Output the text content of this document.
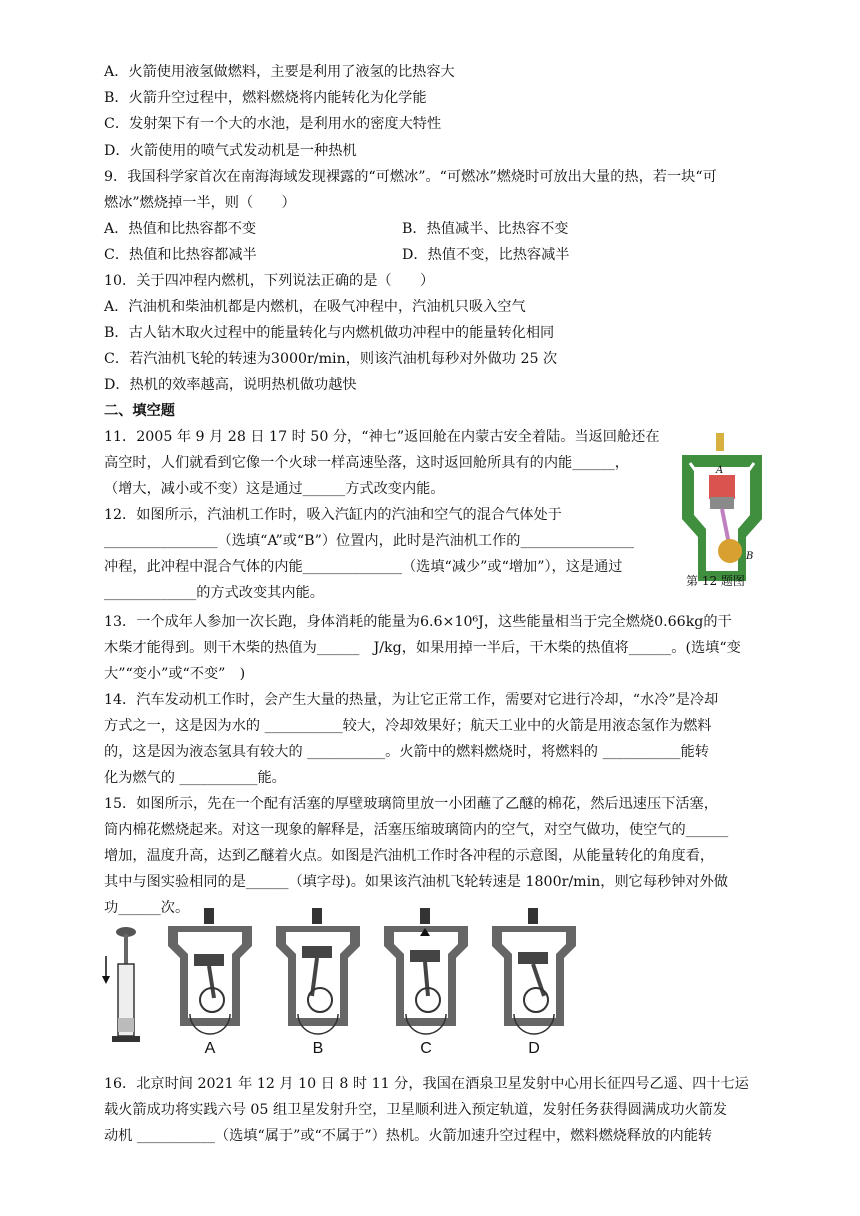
A．火箭使用液氢做燃料，主要是利用了液氢的比热容大
B．火箭升空过程中，燃料燃烧将内能转化为化学能
C．发射架下有一个大的水池，是利用水的密度大特性
D．火箭使用的喷气式发动机是一种热机
9．我国科学家首次在南海海域发现裸露的“可燃冰”。“可燃冰”燃烧时可放出大量的热，若一块“可
燃冰”燃烧掉一半，则（　　）
A．热值和比热容都不变	B．热值减半、比热容不变
C．热值和比热容都减半	D．热值不变，比热容减半
10．关于四冲程内燃机，下列说法正确的是（　　）
A．汽油机和柴油机都是内燃机，在吸气冲程中，汽油机只吸入空气
B．古人钻木取火过程中的能量转化与内燃机做功冲程中的能量转化相同
C．若汽油机飞轮的转速为3000r/min，则该汽油机每秒对外做功 25 次
D．热机的效率越高，说明热机做功越快
二、填空题
11．2005 年 9 月 28 日 17 时 50 分，“神七”返回舱在内蒙古安全着陆。当返回舱还在
高空时，人们就看到它像一个火球一样高速坠落，这时返回舱所具有的内能______，
（增大，减小或不变）这是通过______方式改变内能。
12．如图所示，汽油机工作时，吸入汽缸内的汽油和空气的混合气体处于
________________（选填“A”或“B”）位置内，此时是汽油机工作的________________
冲程，此冲程中混合气体的内能______________（选填“减少”或“增加”），这是通过
_____________的方式改变其内能。
A
B
第 12 题图
13．一个成年人参加一次长跑，身体消耗的能量为6.6×10⁶J，这些能量相当于完全燃烧0.66kg的干
木柴才能得到。则干木柴的热值为______　J/kg，如果用掉一半后，干木柴的热值将______。(选填“变
大”“变小”或“不变”　)
14．汽车发动机工作时，会产生大量的热量，为让它正常工作，需要对它进行冷却，“水冷”是冷却
方式之一，这是因为水的 ___________较大，冷却效果好；航天工业中的火箭是用液态氢作为燃料
的，这是因为液态氢具有较大的 ___________。火箭中的燃料燃烧时，将燃料的 ___________能转
化为燃气的 ___________能。
15．如图所示，先在一个配有活塞的厚壁玻璃筒里放一小团蘸了乙醚的棉花，然后迅速压下活塞，
筒内棉花燃烧起来。对这一现象的解释是，活塞压缩玻璃筒内的空气，对空气做功，使空气的______
增加，温度升高，达到乙醚着火点。如图是汽油机工作时各冲程的示意图，从能量转化的角度看，
其中与图实验相同的是______（填字母)。如果该汽油机飞轮转速是 1800r/min，则它每秒钟对外做
功______次。
A	B	C	D
16．北京时间 2021 年 12 月 10 日 8 时 11 分，我国在酒泉卫星发射中心用长征四号乙遥、四十七运
载火箭成功将实践六号 05 组卫星发射升空，卫星顺利进入预定轨道，发射任务获得圆满成功火箭发
动机 ___________（选填“属于”或“不属于”）热机。火箭加速升空过程中，燃料燃烧释放的内能转
